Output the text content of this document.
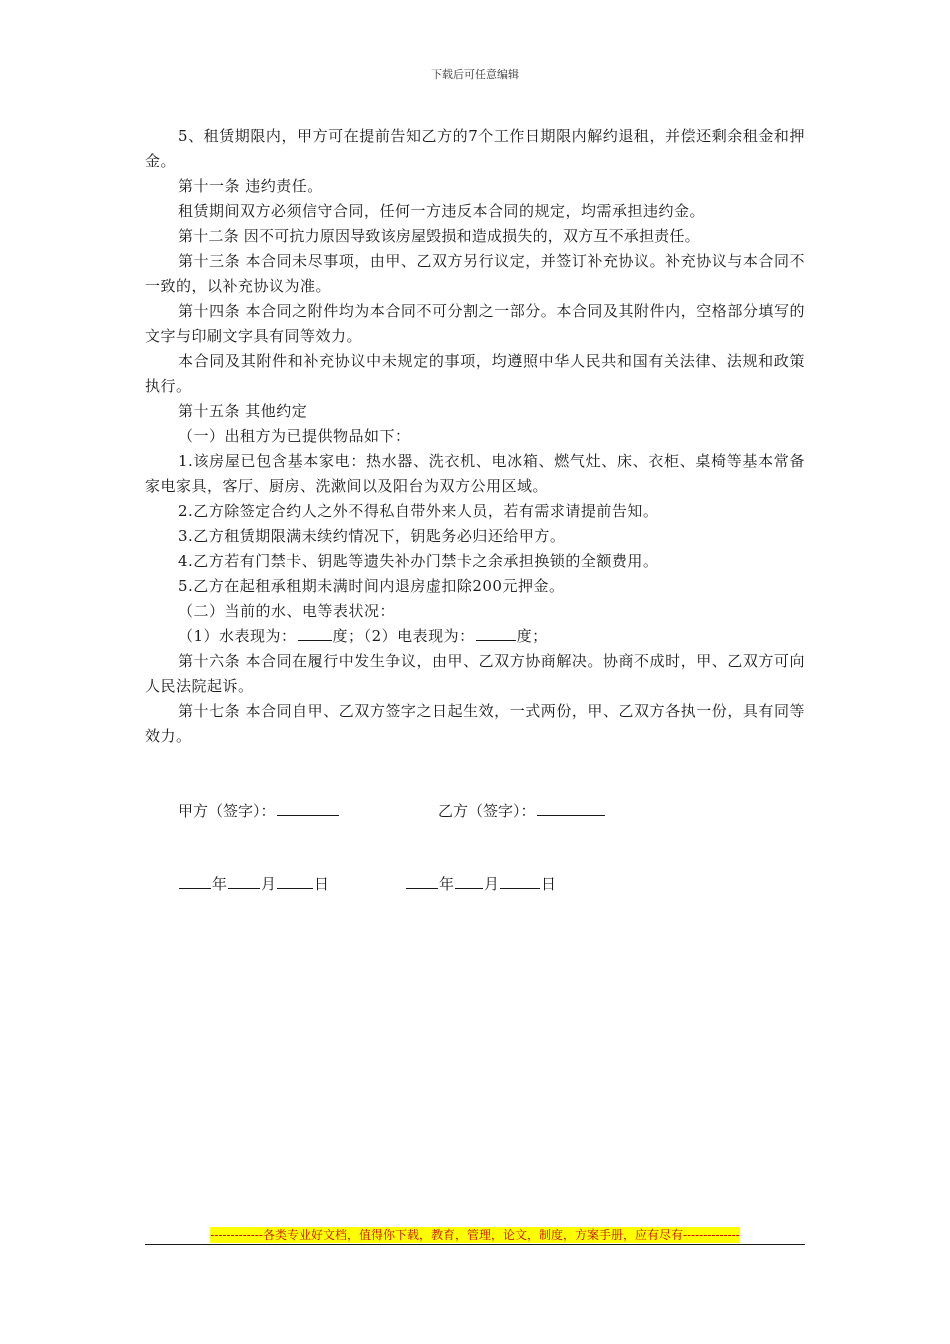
下载后可任意编辑

5、租赁期限内，甲方可在提前告知乙方的7个工作日期限内解约退租，并偿还剩余租金和押金。

第十一条 违约责任。

租赁期间双方必须信守合同，任何一方违反本合同的规定，均需承担违约金。

第十二条 因不可抗力原因导致该房屋毁损和造成损失的，双方互不承担责任。

第十三条 本合同未尽事项，由甲、乙双方另行议定，并签订补充协议。补充协议与本合同不一致的，以补充协议为准。

第十四条 本合同之附件均为本合同不可分割之一部分。本合同及其附件内，空格部分填写的文字与印刷文字具有同等效力。

本合同及其附件和补充协议中未规定的事项，均遵照中华人民共和国有关法律、法规和政策执行。

第十五条 其他约定

（一）出租方为已提供物品如下：

1.该房屋已包含基本家电：热水器、洗衣机、电冰箱、燃气灶、床、衣柜、桌椅等基本常备家电家具，客厅、厨房、洗漱间以及阳台为双方公用区域。

2.乙方除签定合约人之外不得私自带外来人员，若有需求请提前告知。

3.乙方租赁期限满未续约情况下，钥匙务必归还给甲方。

4.乙方若有门禁卡、钥匙等遗失补办门禁卡之余承担换锁的全额费用。

5.乙方在起租承租期未满时间内退房虚扣除200元押金。

（二）当前的水、电等表状况：

（1）水表现为： 度；（2）电表现为：	度；

第十六条 本合同在履行中发生争议，由甲、乙双方协商解决。协商不成时，甲、乙双方可向人民法院起诉。

第十七条 本合同自甲、乙双方签字之日起生效，一式两份，甲、乙双方各执一份，具有同等效力。

甲方（签字）：	乙方（签字）：
年 月	日	年 月	日
-------------各类专业好文档，值得你下载，教育，管理，论文，制度，方案手册，应有尽有--------------
